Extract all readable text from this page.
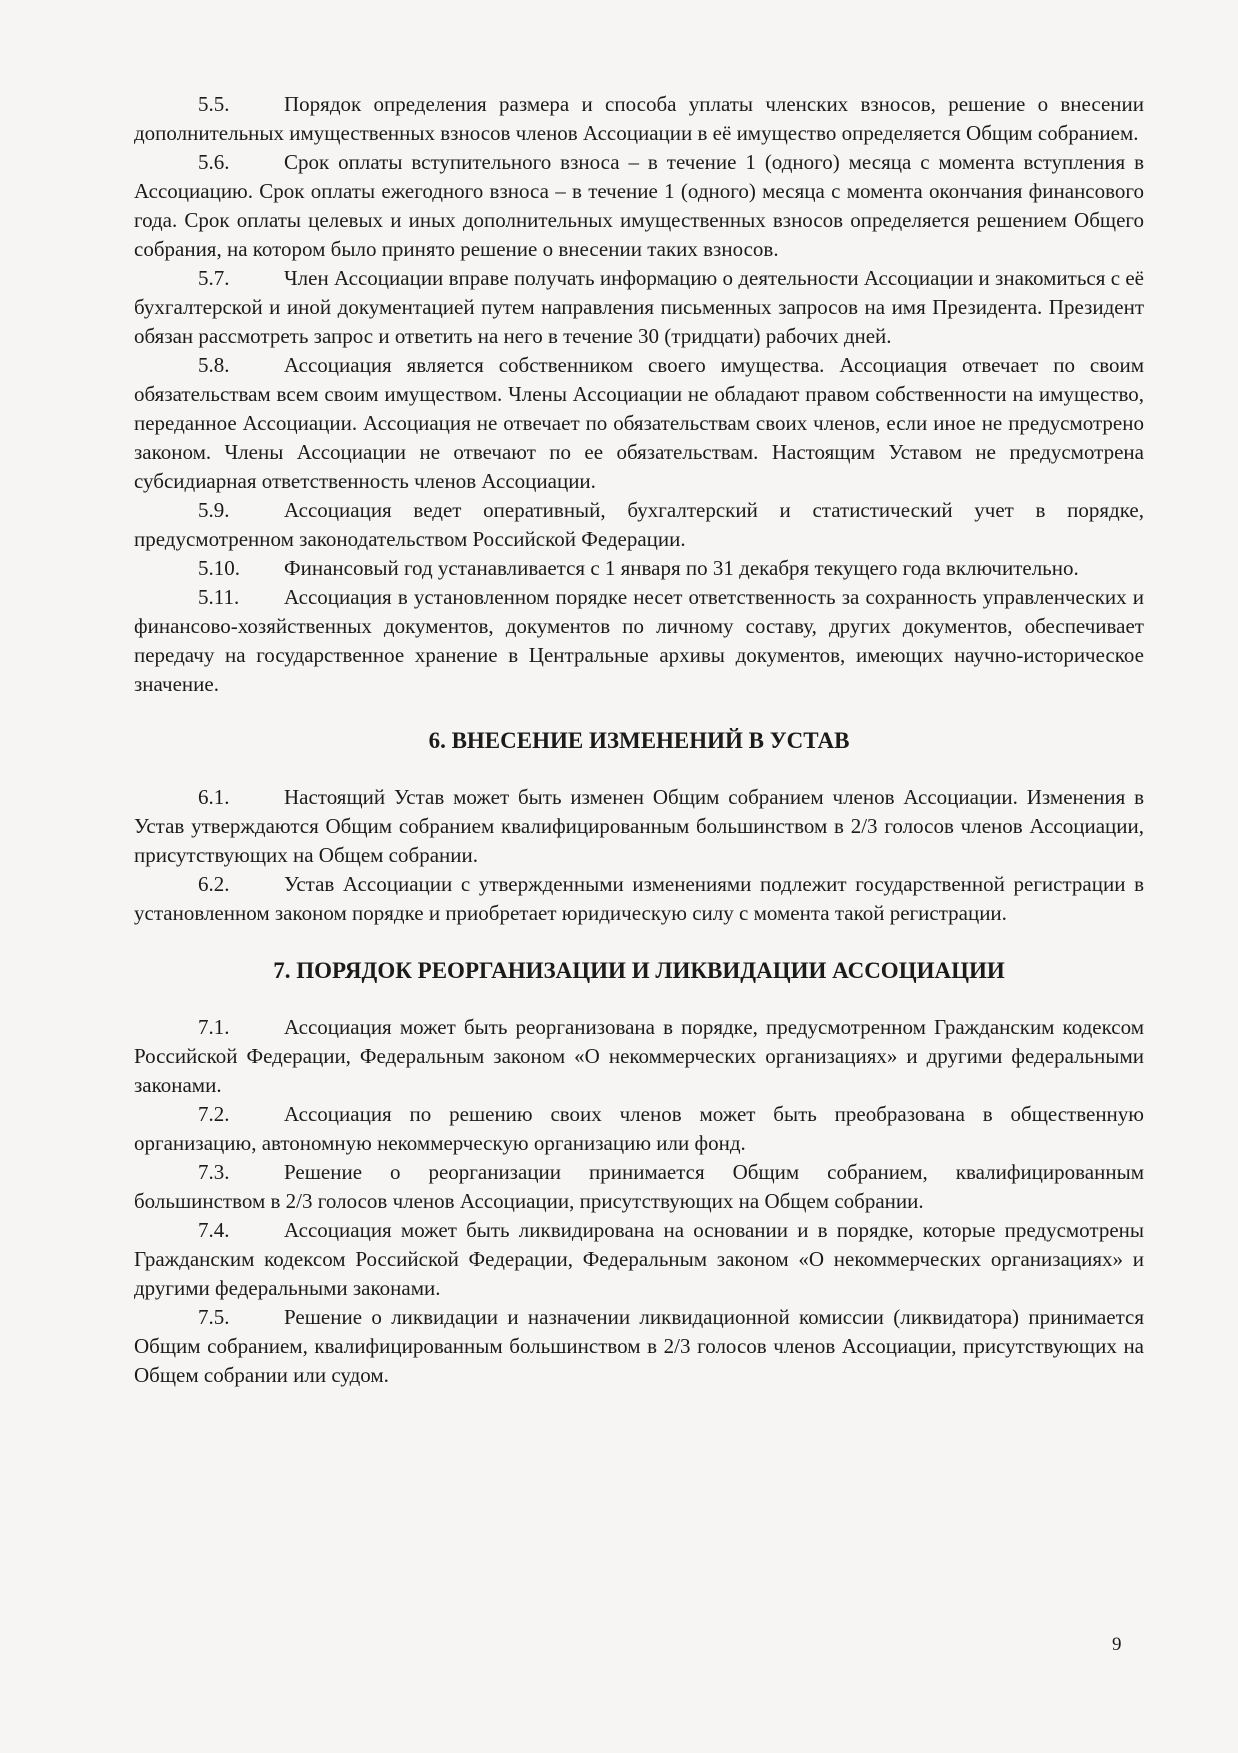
5.5.	Порядок определения размера и способа уплаты членских взносов, решение о внесении дополнительных имущественных взносов членов Ассоциации в её имущество определяется Общим собранием.

5.6.	Срок оплаты вступительного взноса – в течение 1 (одного) месяца с момента вступления в Ассоциацию. Срок оплаты ежегодного взноса – в течение 1 (одного) месяца с момента окончания финансового года. Срок оплаты целевых и иных дополнительных имущественных взносов определяется решением Общего собрания, на котором было принято решение о внесении таких взносов.

5.7.	Член Ассоциации вправе получать информацию о деятельности Ассоциации и знакомиться с её бухгалтерской и иной документацией путем направления письменных запросов на имя Президента. Президент обязан рассмотреть запрос и ответить на него в течение 30 (тридцати) рабочих дней.

5.8.	Ассоциация является собственником своего имущества. Ассоциация отвечает по своим обязательствам всем своим имуществом. Члены Ассоциации не обладают правом собственности на имущество, переданное Ассоциации. Ассоциация не отвечает по обязательствам своих членов, если иное не предусмотрено законом. Члены Ассоциации не отвечают по ее обязательствам. Настоящим Уставом не предусмотрена субсидиарная ответственность членов Ассоциации.

5.9.	Ассоциация ведет оперативный, бухгалтерский и статистический учет в порядке, предусмотренном законодательством Российской Федерации.

5.10. Финансовый год устанавливается с 1 января по 31 декабря текущего года включительно.

5.11. Ассоциация в установленном порядке несет ответственность за сохранность управленческих и финансово-хозяйственных документов, документов по личному составу, других документов, обеспечивает передачу на государственное хранение в Центральные архивы документов, имеющих научно-историческое значение.

6. ВНЕСЕНИЕ ИЗМЕНЕНИЙ В УСТАВ

6.1.	Настоящий Устав может быть изменен Общим собранием членов Ассоциации. Изменения в Устав утверждаются Общим собранием квалифицированным большинством в 2/3 голосов членов Ассоциации, присутствующих на Общем собрании.

6.2.	Устав Ассоциации с утвержденными изменениями подлежит государственной регистрации в установленном законом порядке и приобретает юридическую силу с момента такой регистрации.

7. ПОРЯДОК РЕОРГАНИЗАЦИИ И ЛИКВИДАЦИИ АССОЦИАЦИИ

7.1.	Ассоциация может быть реорганизована в порядке, предусмотренном Гражданским кодексом Российской Федерации, Федеральным законом «О некоммерческих организациях» и другими федеральными законами.

7.2.	Ассоциация по решению своих членов может быть преобразована в общественную организацию, автономную некоммерческую организацию или фонд.

7.3.	Решение о реорганизации принимается Общим собранием, квалифицированным большинством в 2/3 голосов членов Ассоциации, присутствующих на Общем собрании.

7.4.	Ассоциация может быть ликвидирована на основании и в порядке, которые предусмотрены Гражданским кодексом Российской Федерации, Федеральным законом «О некоммерческих организациях» и другими федеральными законами.

7.5.	Решение о ликвидации и назначении ликвидационной комиссии (ликвидатора) принимается Общим собранием, квалифицированным большинством в 2/3 голосов членов Ассоциации, присутствующих на Общем собрании или судом.

9
